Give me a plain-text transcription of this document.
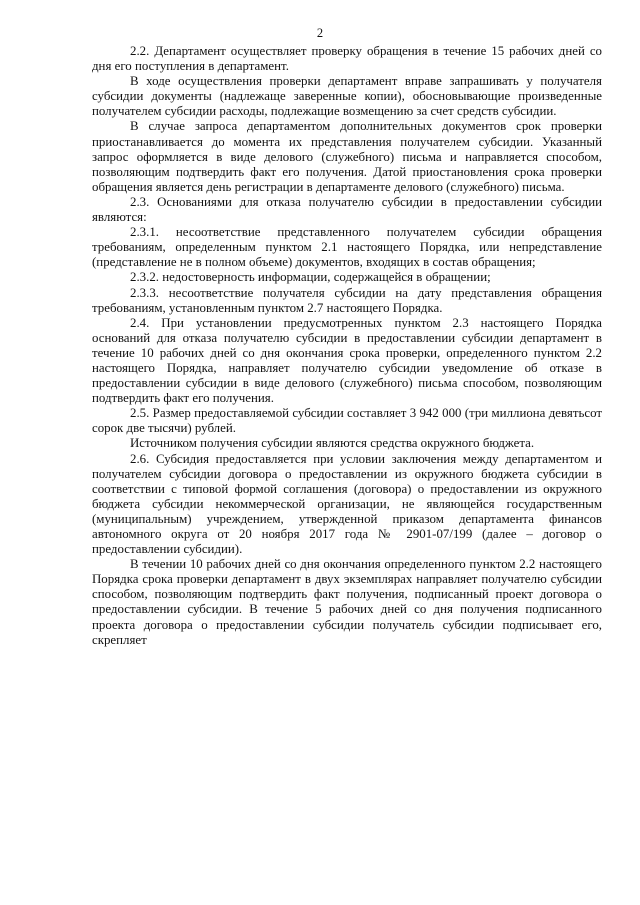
2

2.2. Департамент осуществляет проверку обращения в течение 15 рабочих дней со дня его поступления в департамент.

В ходе осуществления проверки департамент вправе запрашивать у получателя субсидии документы (надлежаще заверенные копии), обосновывающие произведенные получателем субсидии расходы, подлежащие возмещению за счет средств субсидии.

В случае запроса департаментом дополнительных документов срок проверки приостанавливается до момента их представления получателем субсидии. Указанный запрос оформляется в виде делового (служебного) письма и направляется способом, позволяющим подтвердить факт его получения. Датой приостановления срока проверки обращения является день регистрации в департаменте делового (служебного) письма.

2.3. Основаниями для отказа получателю субсидии в предоставлении субсидии являются:

2.3.1. несоответствие представленного получателем субсидии обращения требованиям, определенным пунктом 2.1 настоящего Порядка, или непредставление (представление не в полном объеме) документов, входящих в состав обращения;

2.3.2. недостоверность информации, содержащейся в обращении;

2.3.3. несоответствие получателя субсидии на дату представления обращения требованиям, установленным пунктом 2.7 настоящего Порядка.

2.4. При установлении предусмотренных пунктом 2.3 настоящего Порядка оснований для отказа получателю субсидии в предоставлении субсидии департамент в течение 10 рабочих дней со дня окончания срока проверки, определенного пунктом 2.2 настоящего Порядка, направляет получателю субсидии уведомление об отказе в предоставлении субсидии в виде делового (служебного) письма способом, позволяющим подтвердить факт его получения.

2.5. Размер предоставляемой субсидии составляет 3 942 000 (три миллиона девятьсот сорок две тысячи) рублей.

Источником получения субсидии являются средства окружного бюджета.

2.6. Субсидия предоставляется при условии заключения между департаментом и получателем субсидии договора о предоставлении из окружного бюджета субсидии в соответствии с типовой формой соглашения (договора) о предоставлении из окружного бюджета субсидии некоммерческой организации, не являющейся государственным (муниципальным) учреждением, утвержденной приказом департамента финансов автономного округа от 20 ноября 2017 года № 2901-07/199 (далее – договор о предоставлении субсидии).

В течении 10 рабочих дней со дня окончания определенного пунктом 2.2 настоящего Порядка срока проверки департамент в двух экземплярах направляет получателю субсидии способом, позволяющим подтвердить факт получения, подписанный проект договора о предоставлении субсидии. В течение 5 рабочих дней со дня получения подписанного проекта договора о предоставлении субсидии получатель субсидии подписывает его, скрепляет
